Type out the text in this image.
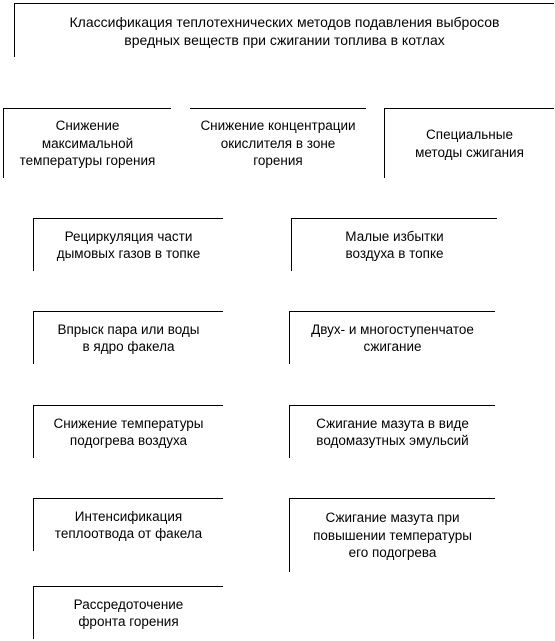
Классификация теплотехнических методов подавления выбросов
вредных веществ при сжигании топлива в котлах
Снижение
максимальной
температуры горения
Снижение концентрации
окислителя в зоне
горения
Специальные
методы сжигания
Рециркуляция части
дымовых газов в топке
Впрыск пара или воды
в ядро факела
Снижение температуры
подогрева воздуха
Интенсификация
теплоотвода от факела
Рассредоточение
фронта горения
Малые избытки
воздуха в топке
Двух- и многоступенчатое
сжигание
Сжигание мазута в виде
водомазутных эмульсий
Сжигание мазута при
повышении температуры
его подогрева
